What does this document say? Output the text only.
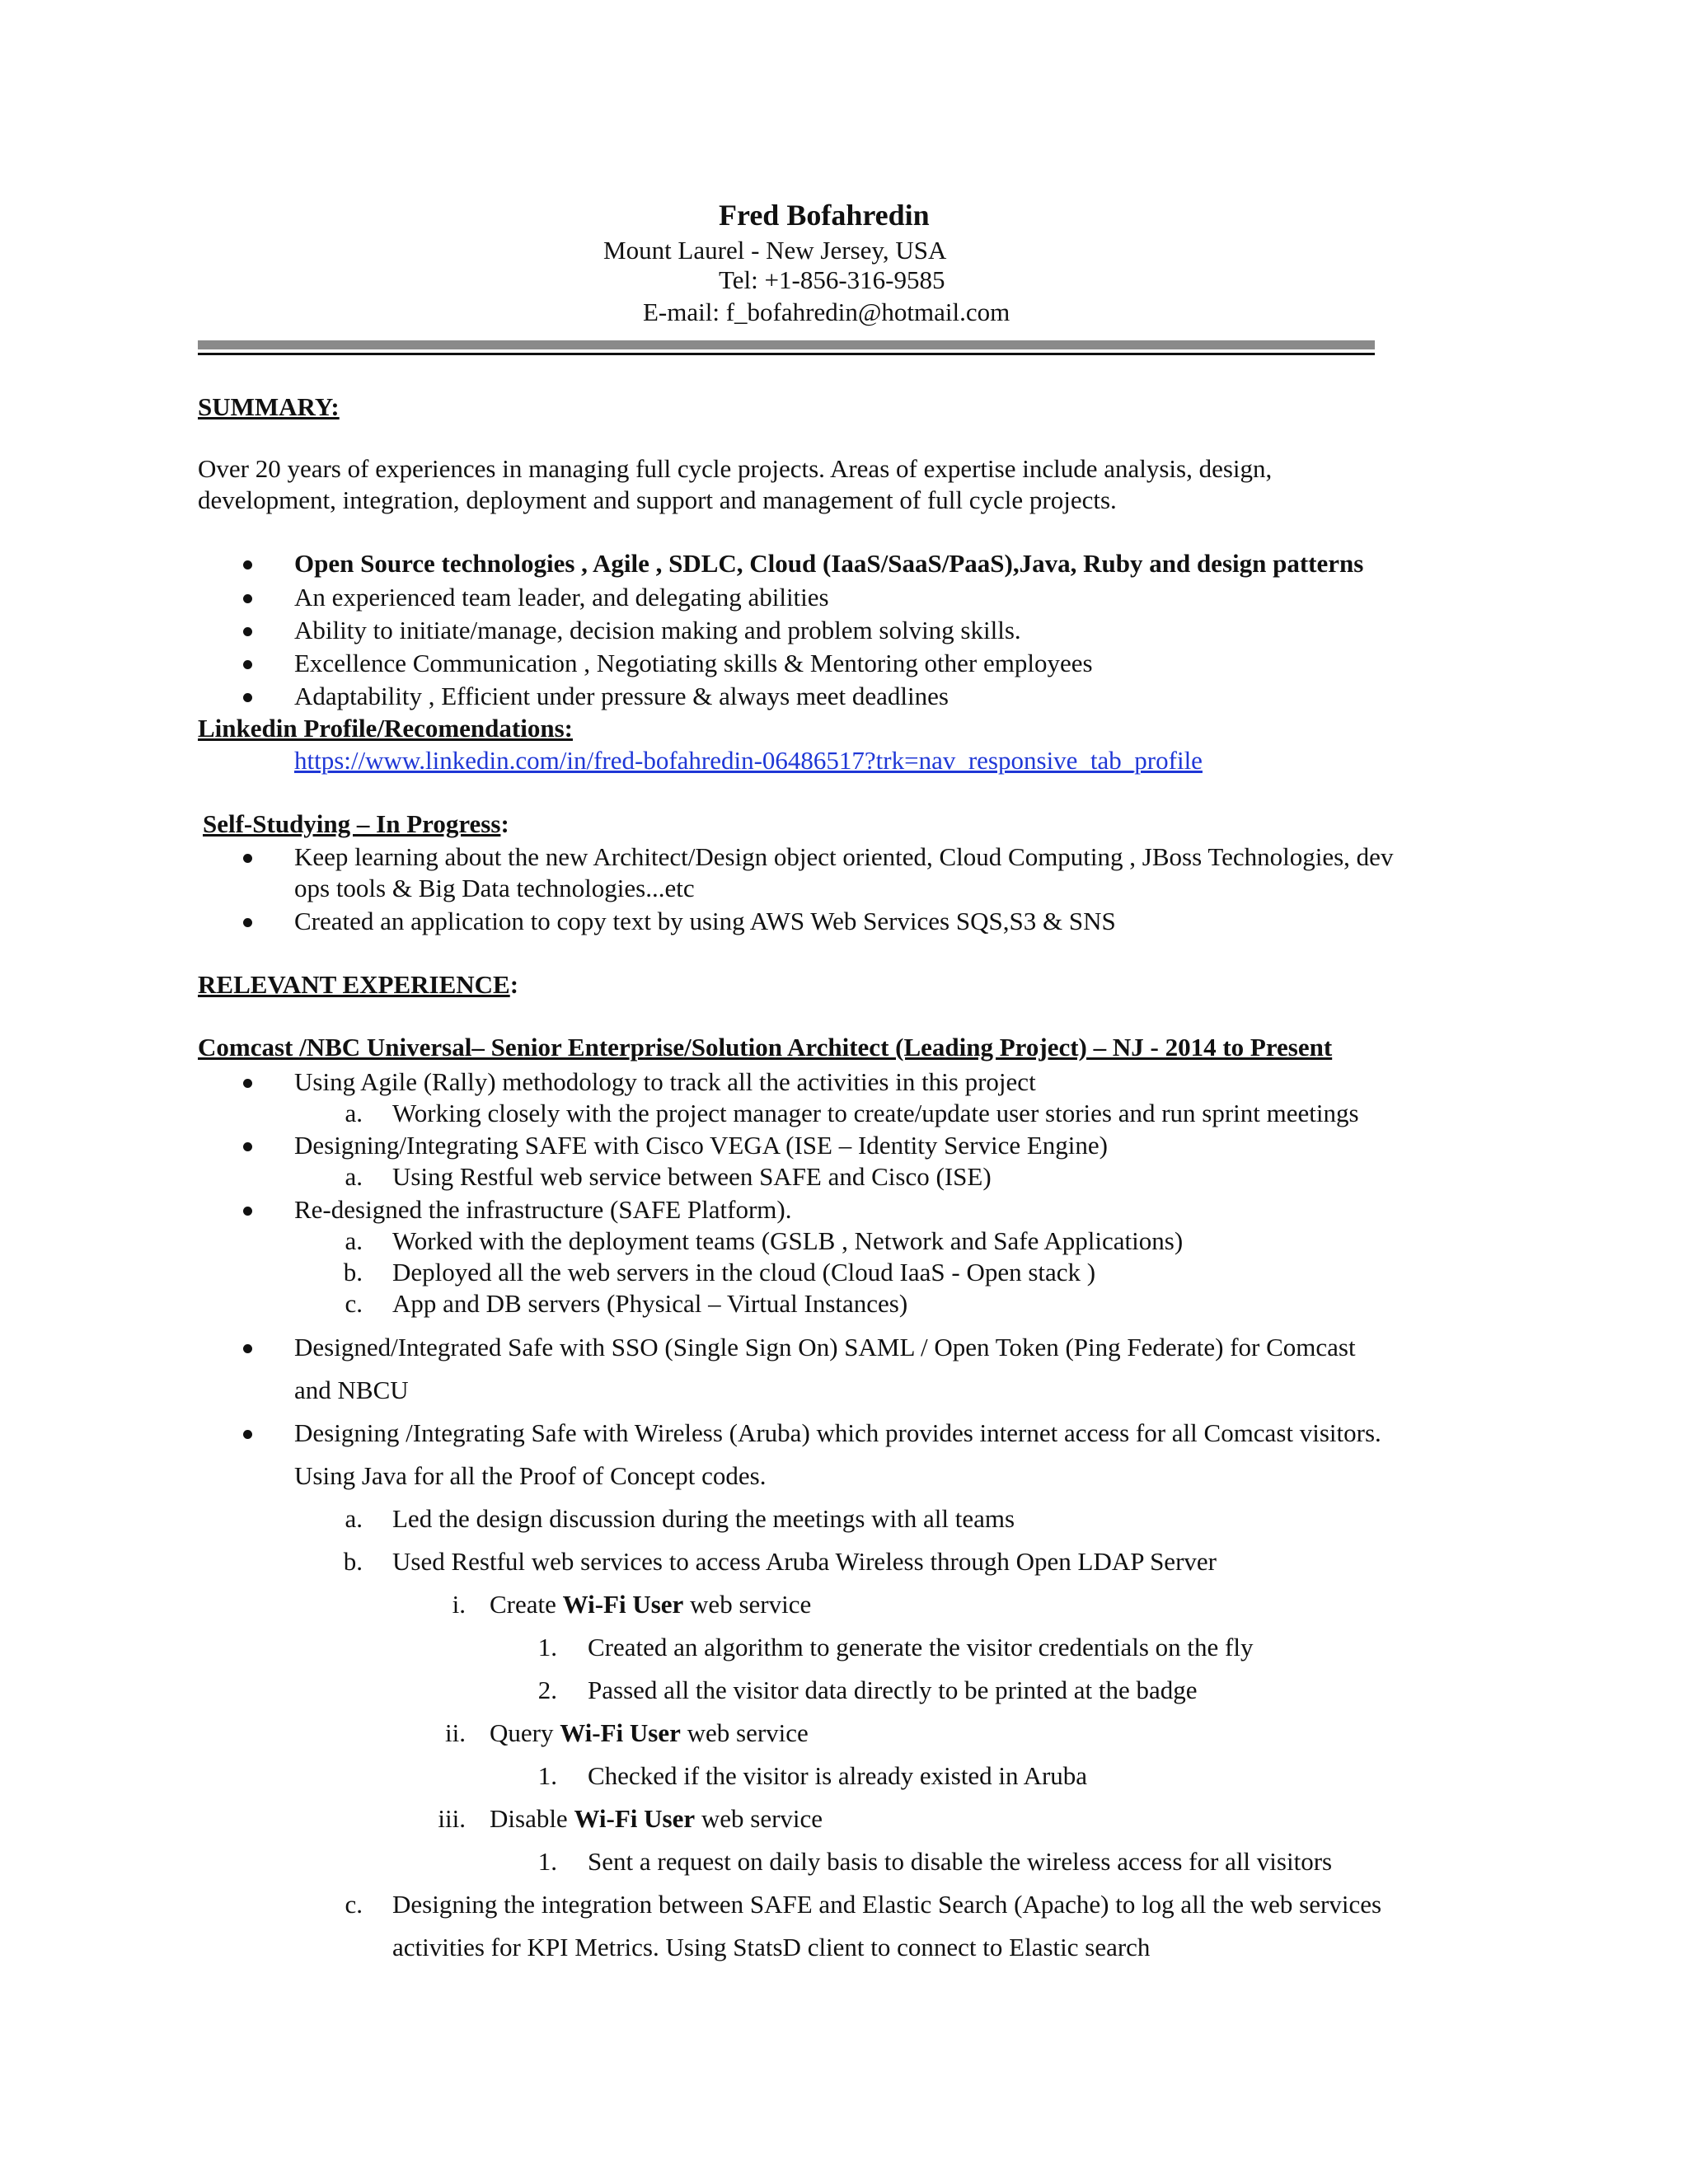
Fred Bofahredin
Mount Laurel - New Jersey, USA
Tel: +1-856-316-9585
E-mail: f_bofahredin@hotmail.com
SUMMARY:
Over 20 years of experiences in managing full cycle projects. Areas of expertise include analysis, design,
development, integration, deployment and support and management of full cycle projects.
Open Source technologies , Agile , SDLC, Cloud (IaaS/SaaS/PaaS),Java, Ruby and design patterns
An experienced team leader, and delegating abilities
Ability to initiate/manage, decision making and problem solving skills.
Excellence Communication , Negotiating skills & Mentoring other employees
Adaptability , Efficient under pressure & always meet deadlines
Linkedin Profile/Recomendations:
https://www.linkedin.com/in/fred-bofahredin-06486517?trk=nav_responsive_tab_profile
Self-Studying – In Progress:
Keep learning about the new Architect/Design object oriented, Cloud Computing , JBoss Technologies, dev
ops tools & Big Data technologies...etc
Created an application to copy text by using AWS Web Services SQS,S3 & SNS
RELEVANT EXPERIENCE:
Comcast /NBC Universal– Senior Enterprise/Solution Architect (Leading Project) – NJ - 2014 to Present
Using Agile (Rally) methodology to track all the activities in this project
a. Working closely with the project manager to create/update user stories and run sprint meetings
Designing/Integrating SAFE with Cisco VEGA (ISE – Identity Service Engine)
a. Using Restful web service between SAFE and Cisco (ISE)
Re-designed the infrastructure (SAFE Platform).
a. Worked with the deployment teams (GSLB , Network and Safe Applications)
b. Deployed all the web servers in the cloud (Cloud IaaS - Open stack )
c. App and DB servers (Physical – Virtual Instances)
Designed/Integrated Safe with SSO (Single Sign On) SAML / Open Token (Ping Federate) for Comcast
and NBCU
Designing /Integrating Safe with Wireless (Aruba) which provides internet access for all Comcast visitors.
Using Java for all the Proof of Concept codes.
a. Led the design discussion during the meetings with all teams
b. Used Restful web services to access Aruba Wireless through Open LDAP Server
i. Create Wi-Fi User web service
1. Created an algorithm to generate the visitor credentials on the fly
2. Passed all the visitor data directly to be printed at the badge
ii. Query Wi-Fi User web service
1. Checked if the visitor is already existed in Aruba
iii. Disable Wi-Fi User web service
1. Sent a request on daily basis to disable the wireless access for all visitors
c. Designing the integration between SAFE and Elastic Search (Apache) to log all the web services
activities for KPI Metrics. Using StatsD client to connect to Elastic search
